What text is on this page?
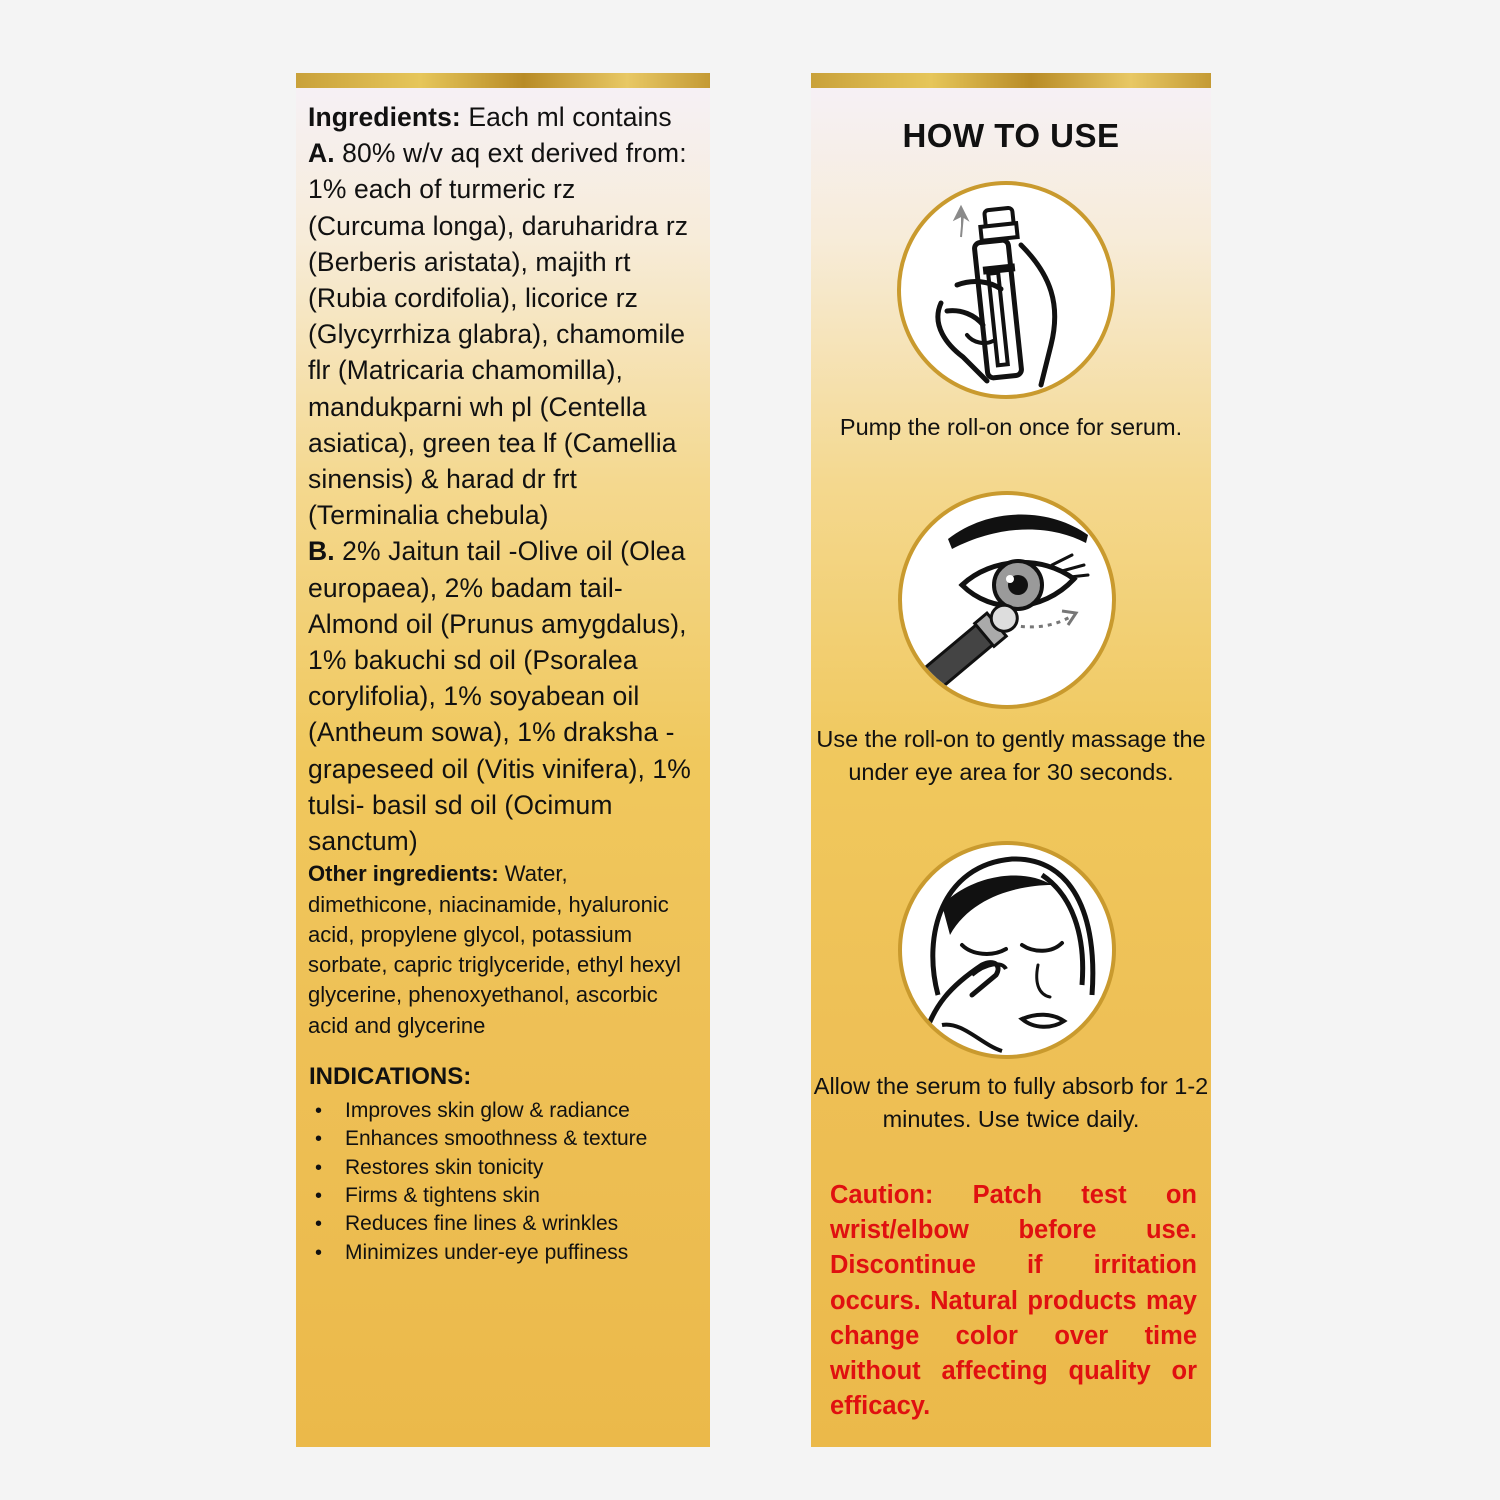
Ingredients: Each ml contains A. 80% w/v aq ext derived from: 1% each of turmeric rz (Curcuma longa), daruharidra rz (Berberis aristata), majith rt (Rubia cordifolia), licorice rz (Glycyrrhiza glabra), chamomile flr (Matricaria chamomilla), mandukparni wh pl (Centella asiatica), green tea lf (Camellia sinensis) & harad dr frt (Terminalia chebula)
B. 2% Jaitun tail -Olive oil (Olea europaea), 2% badam tail-Almond oil (Prunus amygdalus), 1% bakuchi sd oil (Psoralea corylifolia), 1% soyabean oil (Antheum sowa), 1% draksha - grapeseed oil (Vitis vinifera), 1% tulsi- basil sd oil (Ocimum sanctum)

Other ingredients: Water, dimethicone, niacinamide, hyaluronic acid, propylene glycol, potassium sorbate, capric triglyceride, ethyl hexyl glycerine, phenoxyethanol, ascorbic acid and glycerine

INDICATIONS:
• Improves skin glow & radiance
• Enhances smoothness & texture
• Restores skin tonicity
• Firms & tightens skin
• Reduces fine lines & wrinkles
• Minimizes under-eye puffiness
HOW TO USE
Pump the roll-on once for serum.
Use the roll-on to gently massage the under eye area for 30 seconds.
Allow the serum to fully absorb for 1-2 minutes. Use twice daily.

Caution: Patch test on wrist/elbow before use. Discontinue if irritation occurs. Natural products may change color over time without affecting quality or efficacy.
